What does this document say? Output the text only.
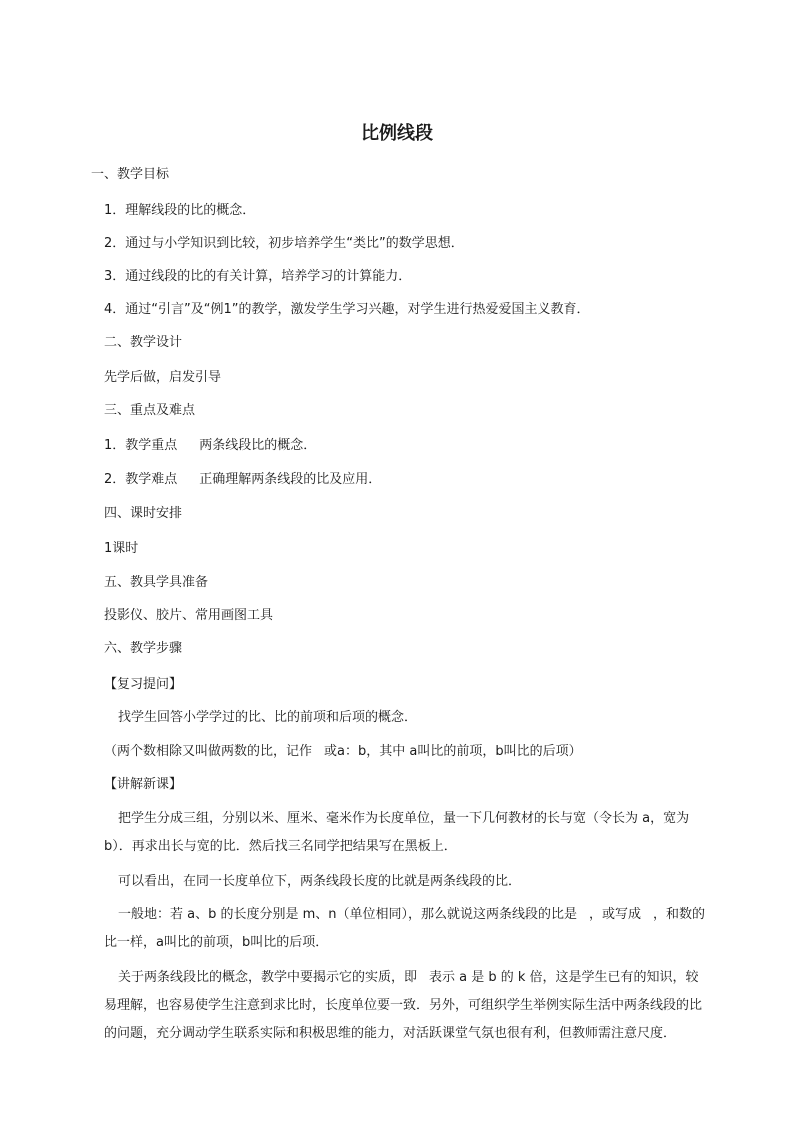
比例线段
一、教学目标
1．理解线段的比的概念．
2．通过与小学知识到比较，初步培养学生“类比”的数学思想．
3．通过线段的比的有关计算，培养学习的计算能力．
4．通过“引言”及“例1”的教学，激发学生学习兴趣，对学生进行热爱爱国主义教育．
二、教学设计
先学后做，启发引导
三、重点及难点
1．教学重点 两条线段比的概念．
2．教学难点 正确理解两条线段的比及应用．
四、课时安排
1课时
五、教具学具准备
投影仪、胶片、常用画图工具
六、教学步骤
【复习提问】
找学生回答小学学过的比、比的前项和后项的概念．
（两个数相除又叫做两数的比，记作 或a：b，其中 a叫比的前项，b叫比的后项）
【讲解新课】
把学生分成三组，分别以米、厘米、毫米作为长度单位，量一下几何教材的长与宽（令长为 a，宽为
b）．再求出长与宽的比．然后找三名同学把结果写在黑板上．
可以看出，在同一长度单位下，两条线段长度的比就是两条线段的比．
一般地：若 a、b 的长度分别是 m、n（单位相同），那么就说这两条线段的比是 ，或写成 ，和数的
比一样，a叫比的前项，b叫比的后项．
关于两条线段比的概念，教学中要揭示它的实质，即 表示 a 是 b 的 k 倍，这是学生已有的知识，较
易理解，也容易使学生注意到求比时，长度单位要一致．另外，可组织学生举例实际生活中两条线段的比
的问题，充分调动学生联系实际和积极思维的能力，对活跃课堂气氛也很有利，但教师需注意尺度．
